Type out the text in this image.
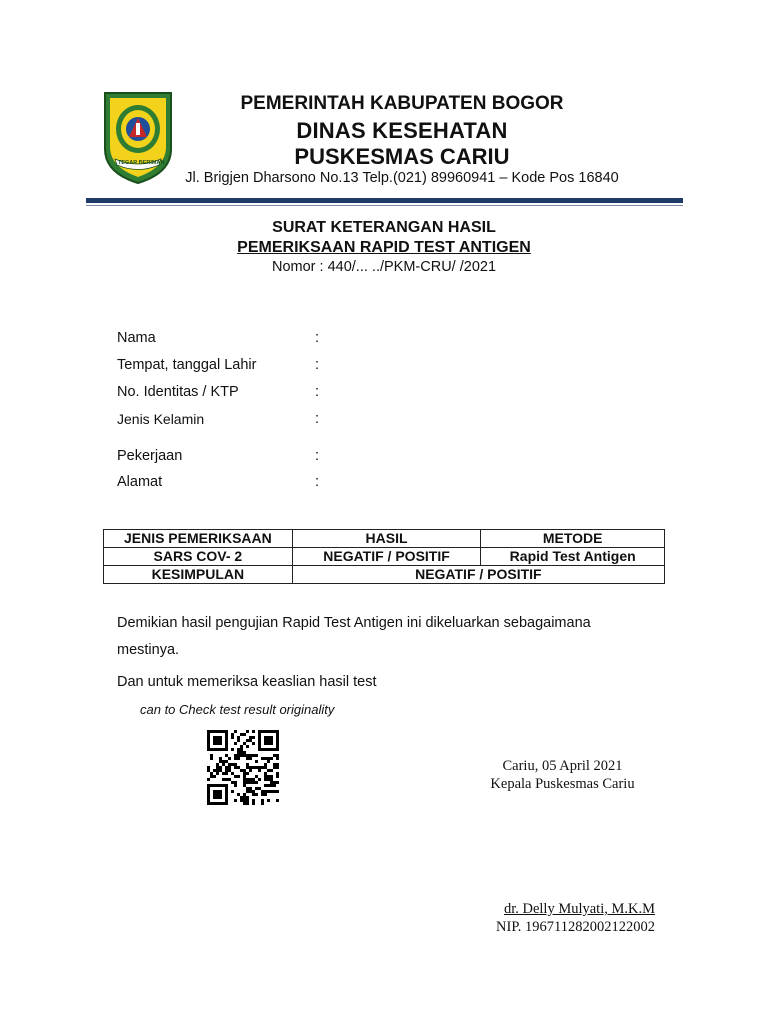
TEGAR BERIMAN
PEMERINTAH KABUPATEN BOGOR
DINAS KESEHATAN
PUSKESMAS CARIU
Jl. Brigjen Dharsono No.13 Telp.(021) 89960941 – Kode Pos 16840
SURAT KETERANGAN HASIL
PEMERIKSAAN RAPID TEST ANTIGEN
Nomor : 440/... ../PKM-CRU/ /2021
Nama	:
Tempat, tanggal Lahir	:
No. Identitas / KTP	:
Jenis Kelamin	:
Pekerjaan	:
Alamat	:
JENIS PEMERIKSAAN	HASIL	METODE
SARS COV- 2	NEGATIF / POSITIF	Rapid Test Antigen
KESIMPULAN	NEGATIF / POSITIF	
Demikian hasil pengujian Rapid Test Antigen ini dikeluarkan sebagaimana mestinya.
Dan untuk memeriksa keaslian hasil test
can to Check test result originality
Cariu, 05 April 2021
Kepala Puskesmas Cariu
dr. Delly Mulyati, M.K.M
NIP. 196711282002122002
